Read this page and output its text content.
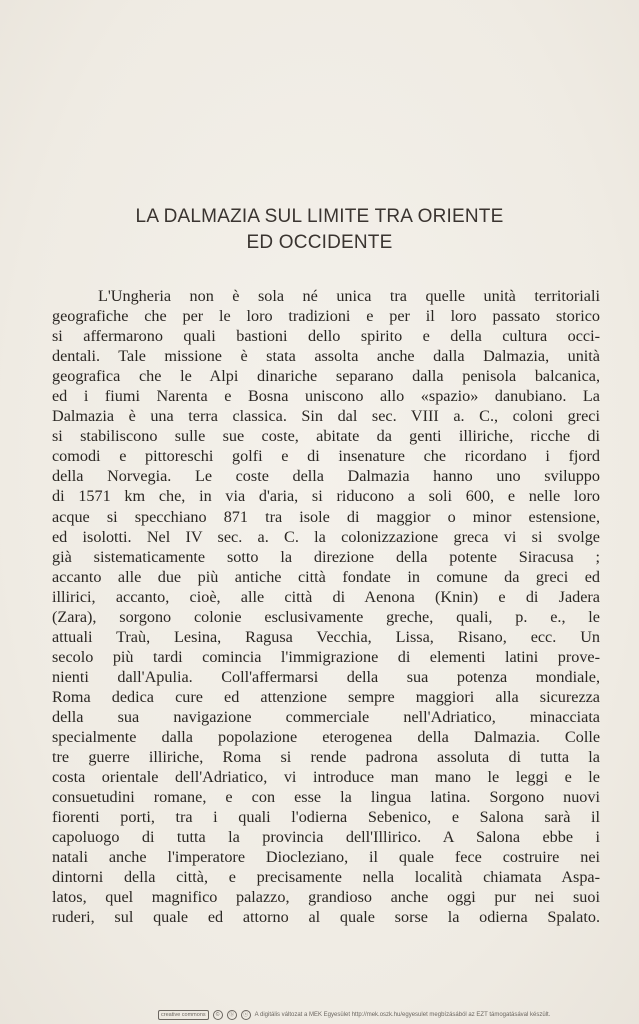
LA DALMAZIA SUL LIMITE TRA ORIENTE
ED OCCIDENTE
L'Ungheria non è sola né unica tra quelle unità territoriali
geografiche che per le loro tradizioni e per il loro passato storico
si affermarono quali bastioni dello spirito e della cultura occi-
dentali. Tale missione è stata assolta anche dalla Dalmazia, unità
geografica che le Alpi dinariche separano dalla penisola balcanica,
ed i fiumi Narenta e Bosna uniscono allo «spazio» danubiano. La
Dalmazia è una terra classica. Sin dal sec. VIII a. C., coloni greci
si stabiliscono sulle sue coste, abitate da genti illiriche, ricche di
comodi e pittoreschi golfi e di insenature che ricordano i fjord
della Norvegia. Le coste della Dalmazia hanno uno sviluppo
di 1571 km che, in via d'aria, si riducono a soli 600, e nelle loro
acque si specchiano 871 tra isole di maggior o minor estensione,
ed isolotti. Nel IV sec. a. C. la colonizzazione greca vi si svolge
già sistematicamente sotto la direzione della potente Siracusa ;
accanto alle due più antiche città fondate in comune da greci ed
illirici, accanto, cioè, alle città di Aenona (Knin) e di Jadera
(Zara), sorgono colonie esclusivamente greche, quali, p. e., le
attuali Traù, Lesina, Ragusa Vecchia, Lissa, Risano, ecc. Un
secolo più tardi comincia l'immigrazione di elementi latini prove-
nienti dall'Apulia. Coll'affermarsi della sua potenza mondiale,
Roma dedica cure ed attenzione sempre maggiori alla sicurezza
della sua navigazione commerciale nell'Adriatico, minacciata
specialmente dalla popolazione eterogenea della Dalmazia. Colle
tre guerre illiriche, Roma si rende padrona assoluta di tutta la
costa orientale dell'Adriatico, vi introduce man mano le leggi e le
consuetudini romane, e con esse la lingua latina. Sorgono nuovi
fiorenti porti, tra i quali l'odierna Sebenico, e Salona sarà il
capoluogo di tutta la provincia dell'Illirico. A Salona ebbe i
natali anche l'imperatore Diocleziano, il quale fece costruire nei
dintorni della città, e precisamente nella località chiamata Aspa-
latos, quel magnifico palazzo, grandioso anche oggi pur nei suoi
ruderi, sul quale ed attorno al quale sorse la odierna Spalato.
creative commons	©	ⓑ	ⓢ	A digitális változat a MEK Egyesület http://mek.oszk.hu/egyesulet megbízásából az EZT támogatásával készült.
